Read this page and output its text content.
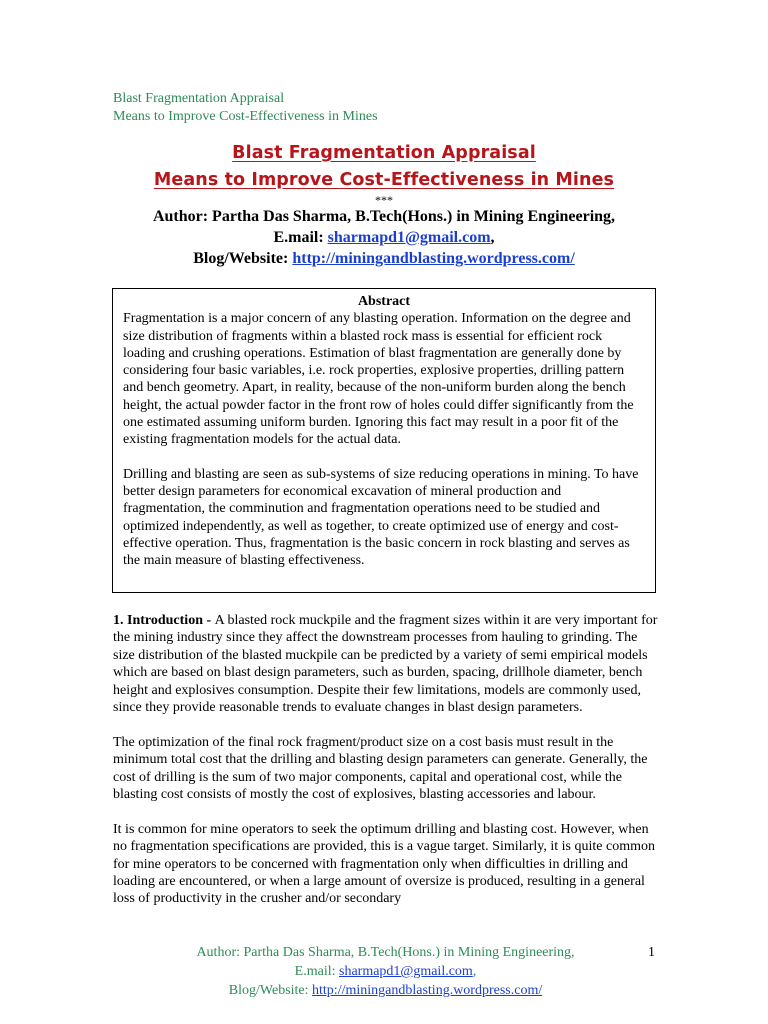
Blast Fragmentation Appraisal
Means to Improve Cost-Effectiveness in Mines
Blast Fragmentation Appraisal
Means to Improve Cost-Effectiveness in Mines
***
Author: Partha Das Sharma, B.Tech(Hons.) in Mining Engineering,
E.mail: sharmapd1@gmail.com,
Blog/Website: http://miningandblasting.wordpress.com/
Abstract

Fragmentation is a major concern of any blasting operation. Information on the degree and size distribution of fragments within a blasted rock mass is essential for efficient rock loading and crushing operations. Estimation of blast fragmentation are generally done by considering four basic variables, i.e. rock properties, explosive properties, drilling pattern and bench geometry. Apart, in reality, because of the non-uniform burden along the bench height, the actual powder factor in the front row of holes could differ significantly from the one estimated assuming uniform burden. Ignoring this fact may result in a poor fit of the existing fragmentation models for the actual data.

Drilling and blasting are seen as sub-systems of size reducing operations in mining. To have better design parameters for economical excavation of mineral production and fragmentation, the comminution and fragmentation operations need to be studied and optimized independently, as well as together, to create optimized use of energy and cost-effective operation. Thus, fragmentation is the basic concern in rock blasting and serves as the main measure of blasting effectiveness.

1. Introduction - A blasted rock muckpile and the fragment sizes within it are very important for the mining industry since they affect the downstream processes from hauling to grinding. The size distribution of the blasted muckpile can be predicted by a variety of semi empirical models which are based on blast design parameters, such as burden, spacing, drillhole diameter, bench height and explosives consumption. Despite their few limitations, models are commonly used, since they provide reasonable trends to evaluate changes in blast design parameters.

The optimization of the final rock fragment/product size on a cost basis must result in the minimum total cost that the drilling and blasting design parameters can generate. Generally, the cost of drilling is the sum of two major components, capital and operational cost, while the blasting cost consists of mostly the cost of explosives, blasting accessories and labour.

It is common for mine operators to seek the optimum drilling and blasting cost. However, when no fragmentation specifications are provided, this is a vague target. Similarly, it is quite common for mine operators to be concerned with fragmentation only when difficulties in drilling and loading are encountered, or when a large amount of oversize is produced, resulting in a general loss of productivity in the crusher and/or secondary

Author: Partha Das Sharma, B.Tech(Hons.) in Mining Engineering,
E.mail: sharmapd1@gmail.com,
Blog/Website: http://miningandblasting.wordpress.com/
1
